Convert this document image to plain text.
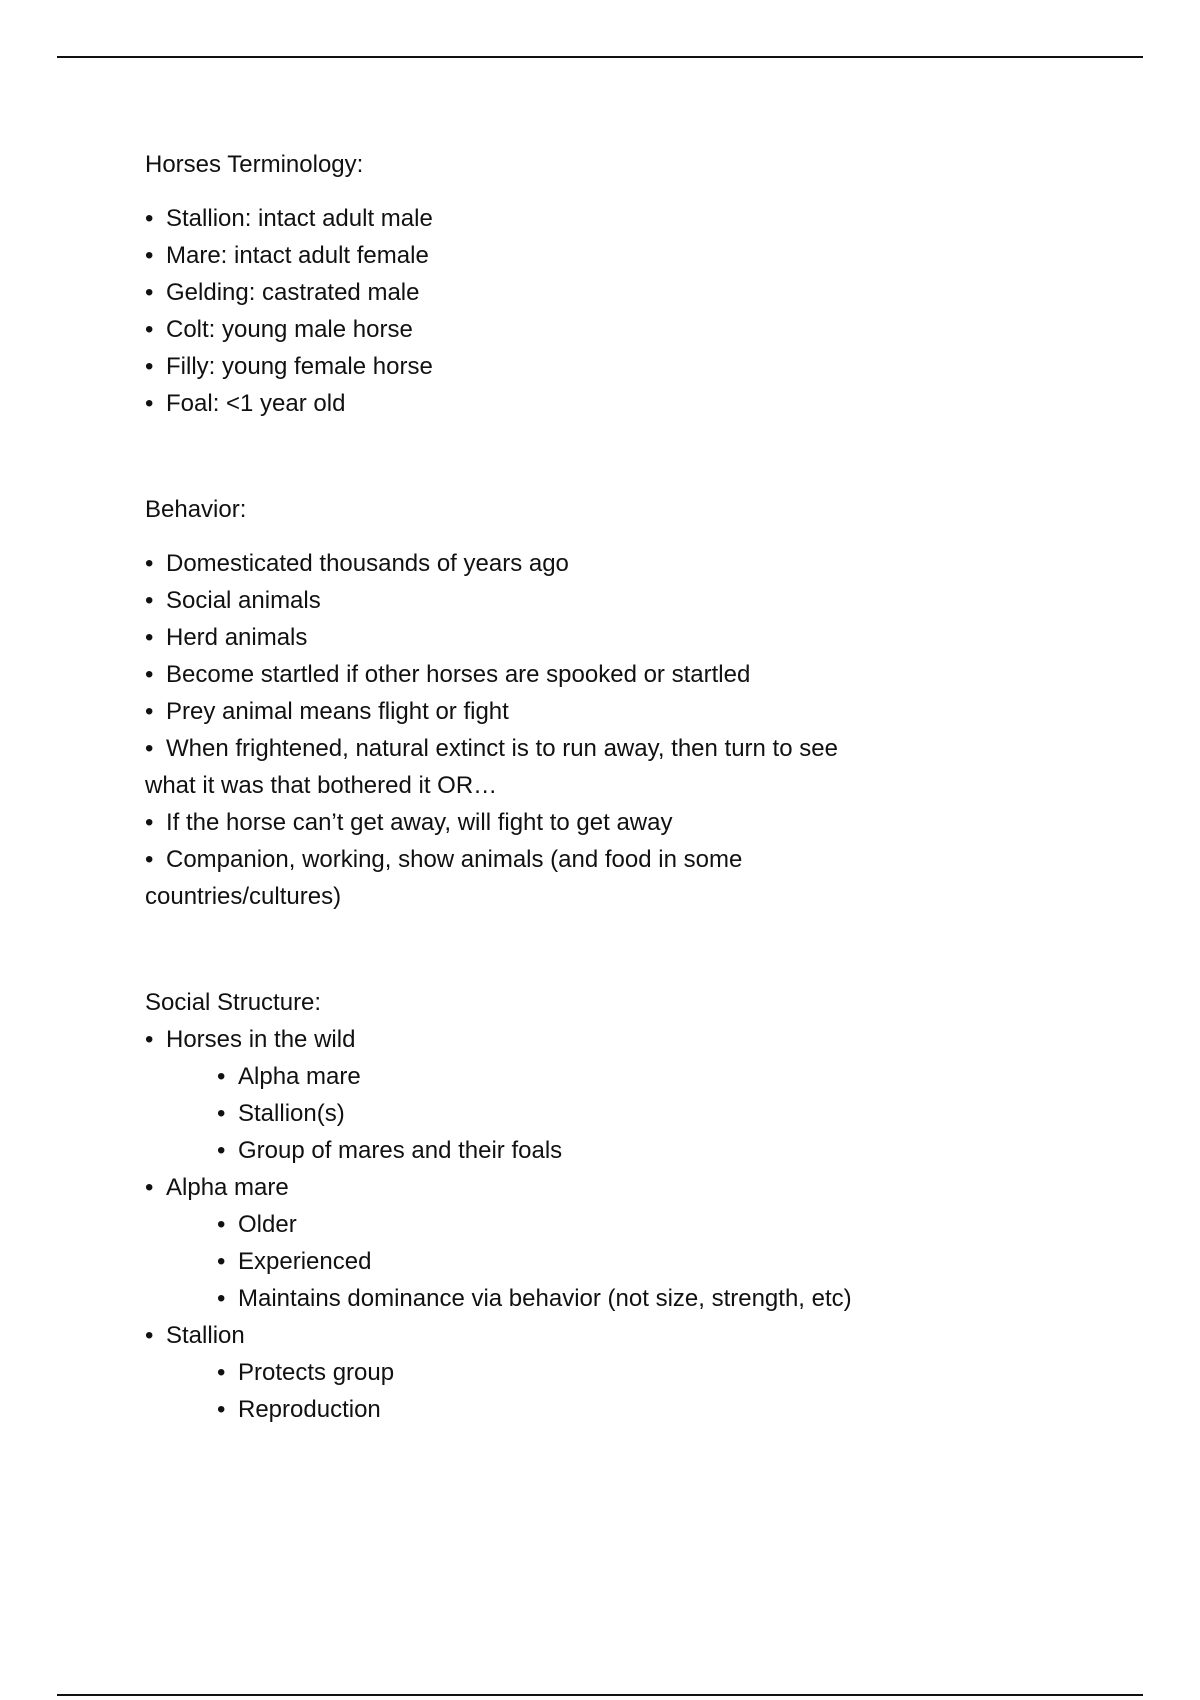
Horses Terminology:

• Stallion: intact adult male
• Mare: intact adult female
• Gelding: castrated male
• Colt: young male horse
• Filly: young female horse
• Foal: <1 year old

Behavior:

• Domesticated thousands of years ago
• Social animals
• Herd animals
• Become startled if other horses are spooked or startled
• Prey animal means flight or fight
• When frightened, natural extinct is to run away, then turn to see
what it was that bothered it OR…
• If the horse can’t get away, will fight to get away
• Companion, working, show animals (and food in some
countries/cultures)

Social Structure:

• Horses in the wild
• Alpha mare
• Stallion(s)
• Group of mares and their foals
• Alpha mare
• Older
• Experienced
• Maintains dominance via behavior (not size, strength, etc)
• Stallion
• Protects group
• Reproduction
